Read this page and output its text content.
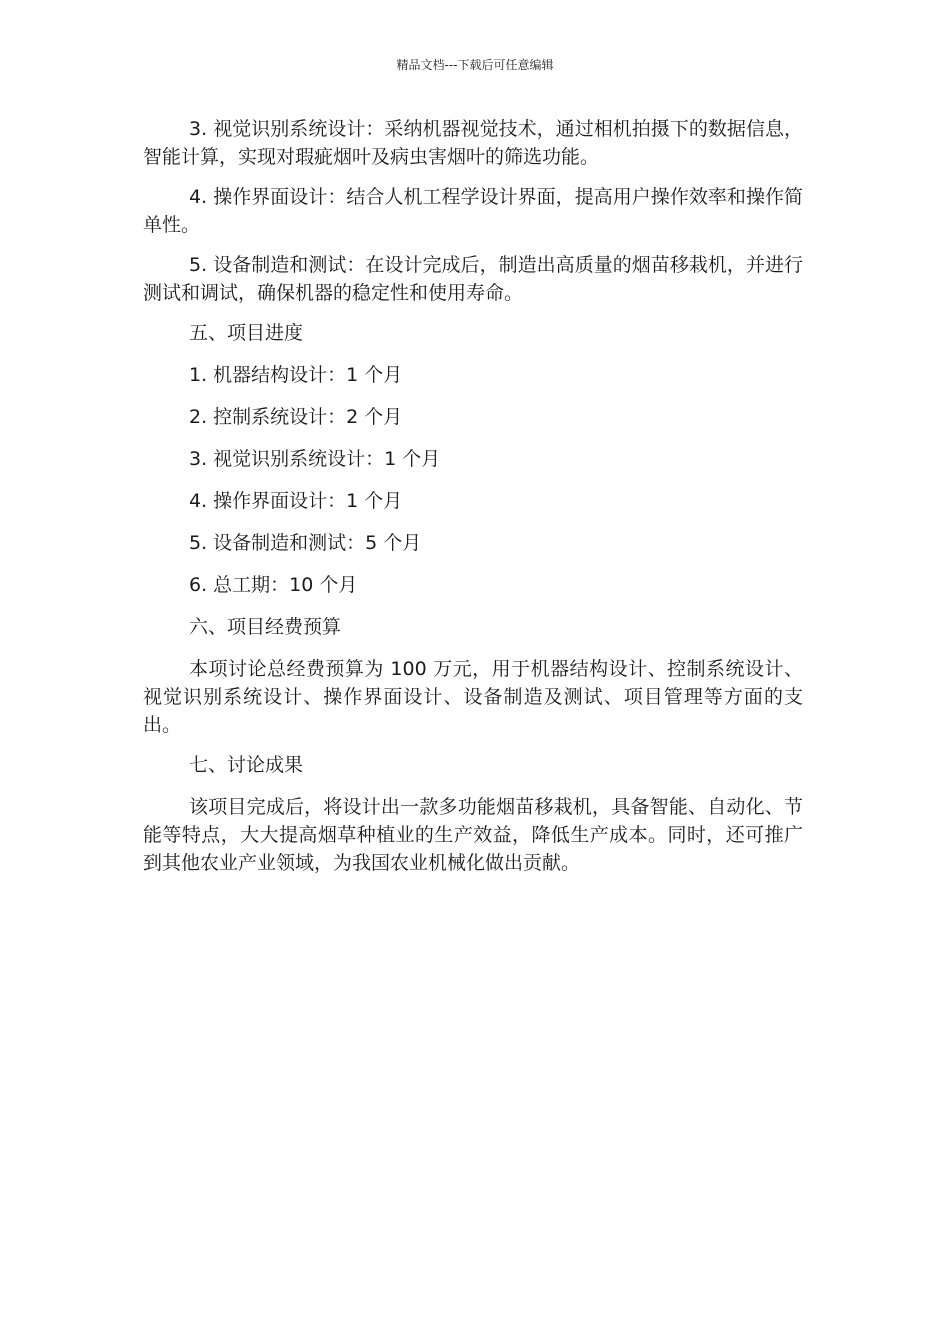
精品文档---下载后可任意编辑

3. 视觉识别系统设计：采纳机器视觉技术，通过相机拍摄下的数据信息，智能计算，实现对瑕疵烟叶及病虫害烟叶的筛选功能。

4. 操作界面设计：结合人机工程学设计界面，提高用户操作效率和操作简单性。

5. 设备制造和测试：在设计完成后，制造出高质量的烟苗移栽机，并进行测试和调试，确保机器的稳定性和使用寿命。

五、项目进度

1. 机器结构设计：1 个月

2. 控制系统设计：2 个月

3. 视觉识别系统设计：1 个月

4. 操作界面设计：1 个月

5. 设备制造和测试：5 个月

6. 总工期：10 个月

六、项目经费预算

本项讨论总经费预算为 100 万元，用于机器结构设计、控制系统设计、视觉识别系统设计、操作界面设计、设备制造及测试、项目管理等方面的支出。

七、讨论成果

该项目完成后，将设计出一款多功能烟苗移栽机，具备智能、自动化、节能等特点，大大提高烟草种植业的生产效益，降低生产成本。同时，还可推广到其他农业产业领域，为我国农业机械化做出贡献。
